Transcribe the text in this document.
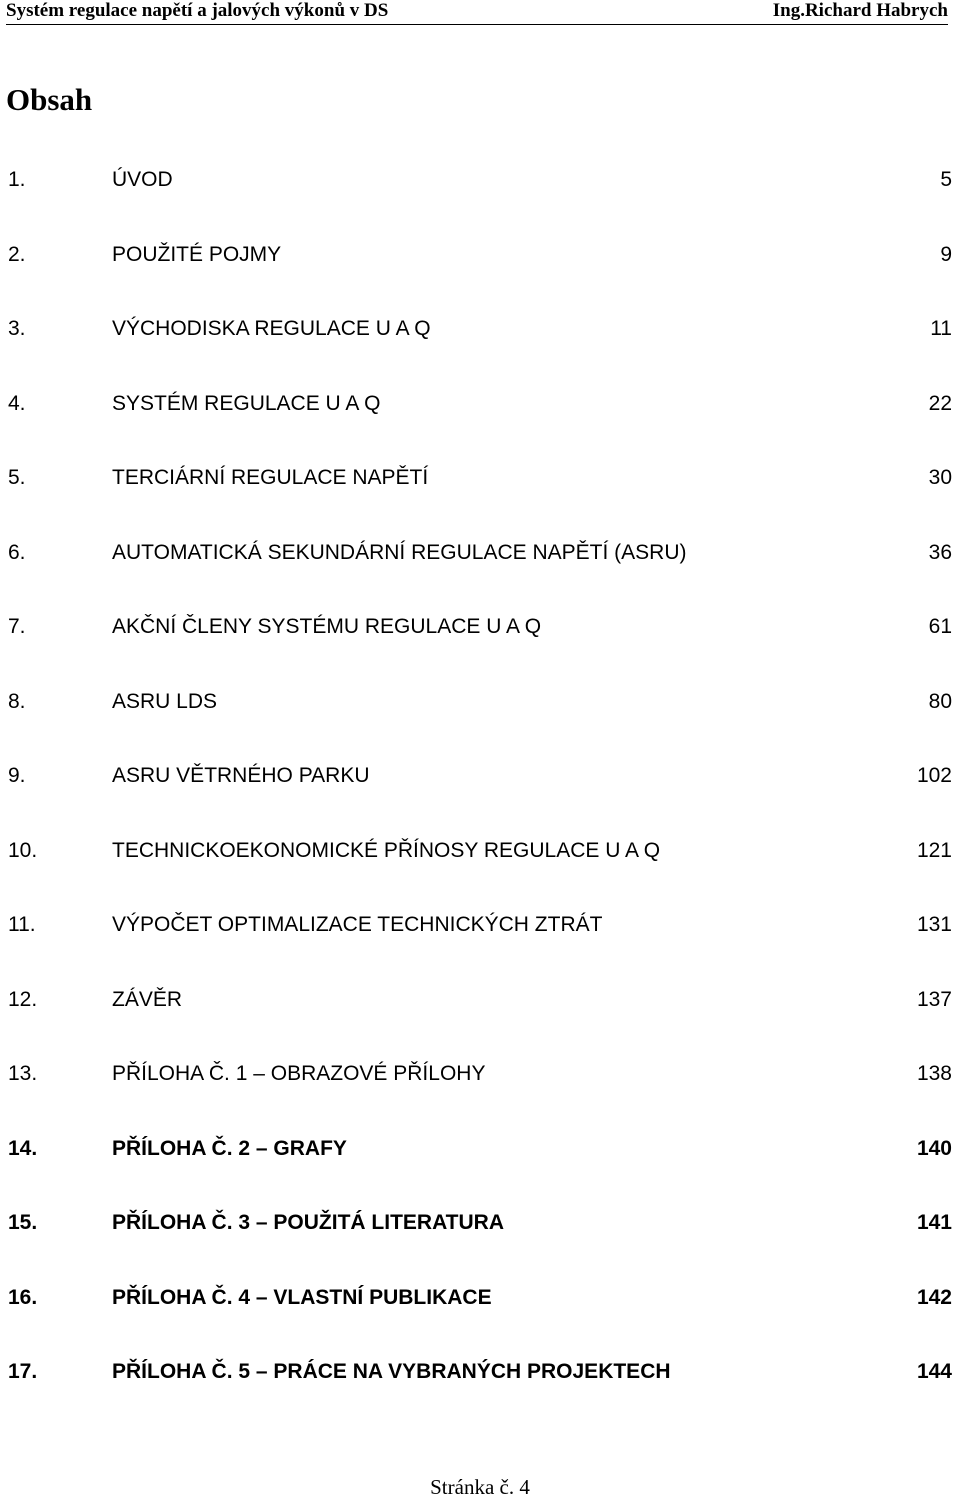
Systém regulace napětí a jalových výkonů v DS	Ing.Richard Habrych
Obsah
1.	ÚVOD	5
2.	POUŽITÉ POJMY	9
3.	VÝCHODISKA REGULACE U A Q	11
4.	SYSTÉM REGULACE U A Q	22
5.	TERCIÁRNÍ REGULACE NAPĚTÍ	30
6.	AUTOMATICKÁ SEKUNDÁRNÍ REGULACE NAPĚTÍ (ASRU)	36
7.	AKČNÍ ČLENY SYSTÉMU REGULACE U A Q	61
8.	ASRU LDS	80
9.	ASRU VĚTRNÉHO PARKU	102
10.	TECHNICKOEKONOMICKÉ PŘÍNOSY REGULACE U A Q	121
11.	VÝPOČET OPTIMALIZACE TECHNICKÝCH ZTRÁT	131
12.	ZÁVĚR	137
13.	PŘÍLOHA Č. 1 – OBRAZOVÉ PŘÍLOHY	138
14.	PŘÍLOHA Č. 2 – GRAFY	140
15.	PŘÍLOHA Č. 3 – POUŽITÁ LITERATURA	141
16.	PŘÍLOHA Č. 4 – VLASTNÍ PUBLIKACE	142
17.	PŘÍLOHA Č. 5 – PRÁCE NA VYBRANÝCH PROJEKTECH	144
Stránka č. 4
